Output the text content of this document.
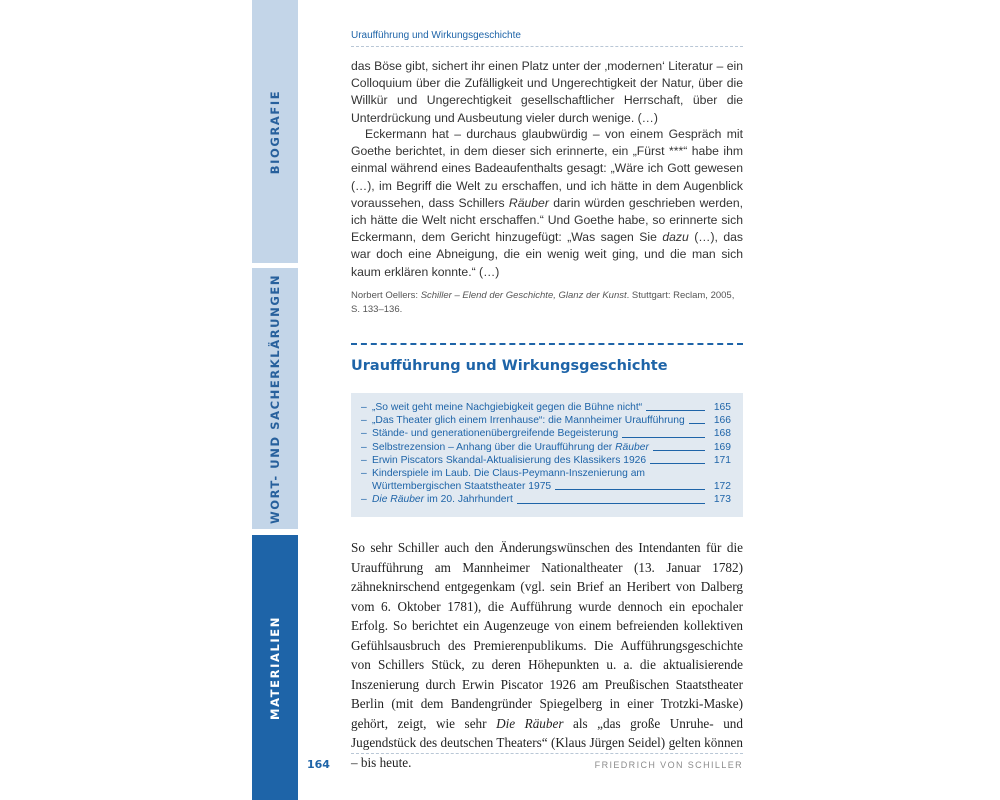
BIOGRAFIE
WORT- UND SACHERKLÄRUNGEN
MATERIALIEN
Uraufführung und Wirkungsgeschichte

das Böse gibt, sichert ihr einen Platz unter der ‚modernen‘ Literatur – ein Colloquium über die Zufälligkeit und Ungerechtigkeit der Natur, über die Willkür und Ungerechtigkeit gesellschaftlicher Herrschaft, über die Unterdrückung und Ausbeutung vieler durch wenige. (…)

Eckermann hat – durchaus glaubwürdig – von einem Gespräch mit Goethe berichtet, in dem dieser sich erinnerte, ein „Fürst ***“ habe ihm einmal während eines Badeaufenthalts gesagt: „Wäre ich Gott gewesen (…), im Begriff die Welt zu erschaffen, und ich hätte in dem Augenblick voraussehen, dass Schillers Räuber darin würden geschrieben werden, ich hätte die Welt nicht erschaffen.“ Und Goethe habe, so erinnerte sich Eckermann, dem Gericht hinzugefügt: „Was sagen Sie dazu (…), das war doch eine Abneigung, die ein wenig weit ging, und die man sich kaum erklären konnte.“ (…)

Norbert Oellers: Schiller – Elend der Geschichte, Glanz der Kunst. Stuttgart: Reclam, 2005, S. 133–136.

Uraufführung und Wirkungsgeschichte
– „So weit geht meine Nachgiebigkeit gegen die Bühne nicht“	165
– „Das Theater glich einem Irrenhause“: die Mannheimer Uraufführung	166
– Stände- und generationenübergreifende Begeisterung	168
– Selbstrezension – Anhang über die Uraufführung der Räuber	169
– Erwin Piscators Skandal-Aktualisierung des Klassikers 1926	171
– Kinderspiele im Laub. Die Claus-Peymann-Inszenierung am
Württembergischen Staatstheater 1975	172
– Die Räuber im 20. Jahrhundert	173

So sehr Schiller auch den Änderungswünschen des Intendanten für die Uraufführung am Mannheimer Nationaltheater (13. Januar 1782) zähneknirschend entgegenkam (vgl. sein Brief an Heribert von Dalberg vom 6. Oktober 1781), die Aufführung wurde dennoch ein epochaler Erfolg. So berichtet ein Augenzeuge von einem befreienden kollektiven Gefühlsausbruch des Premierenpublikums. Die Aufführungsgeschichte von Schillers Stück, zu deren Höhepunkten u. a. die aktualisierende Inszenierung durch Erwin Piscator 1926 am Preußischen Staatstheater Berlin (mit dem Bandengründer Spiegelberg in einer Trotzki-Maske) gehört, zeigt, wie sehr Die Räuber als „das große Unruhe- und Jugendstück des deutschen Theaters“ (Klaus Jürgen Seidel) gelten können – bis heute.

164	FRIEDRICH VON SCHILLER
